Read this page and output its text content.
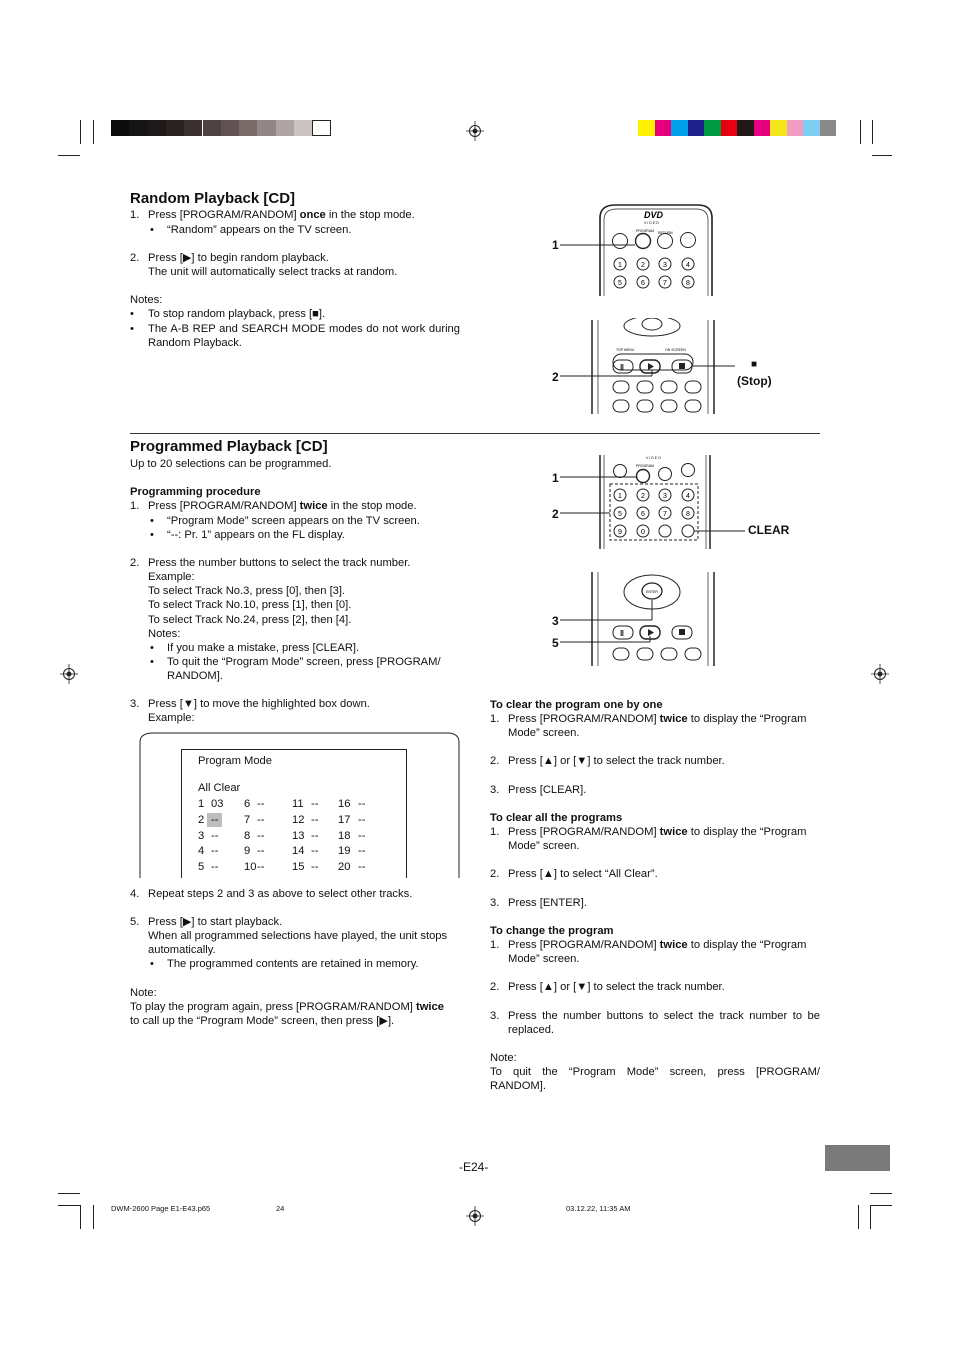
Random Playback [CD]
1. Press [PROGRAM/RANDOM] once in the stop mode.
• “Random” appears on the TV screen.
2. Press [▶] to begin random playback.
The unit will automatically select tracks at random.
Notes:
• To stop random playback, press [■].
• The A-B REP and SEARCH MODE modes do not work during Random Playback.
1
DVD
V I D E O
PROGRAM RETURN
1	2	3	4
5	6	7	8
2
■
(Stop)
‖
TOP MENU	ON SCREEN
Programmed Playback [CD]
Up to 20 selections can be programmed.
Programming procedure
1. Press [PROGRAM/RANDOM] twice in the stop mode.
• “Program Mode” screen appears on the TV screen.
• “--: Pr. 1” appears on the FL display.
2. Press the number buttons to select the track number.
Example:
To select Track No.3, press [0], then [3].
To select Track No.10, press [1], then [0].
To select Track No.24, press [2], then [4].
Notes:
• If you make a mistake, press [CLEAR].
• To quit the “Program Mode” screen, press [PROGRAM/
RANDOM].
3. Press [▼] to move the highlighted box down.
Example:
Program Mode
All Clear
1 03 6 -- 11 -- 16 --
2 --	7 -- 12 -- 17 --
3 -- 8 -- 13 -- 18 --
4 -- 9 -- 14 -- 19 --
5 -- 10 -- 15 -- 20 --
4. Repeat steps 2 and 3 as above to select other tracks.
5. Press [▶] to start playback.
When all programmed selections have played, the unit stops
automatically.
• The programmed contents are retained in memory.
Note:
To play the program again, press [PROGRAM/RANDOM] twice
to call up the “Program Mode” screen, then press [▶].
1
2
CLEAR
V I D E O
PROGRAM
1	2	3	4
5	6	7	8
9	0
3
5
ENTER
‖
To clear the program one by one
1. Press [PROGRAM/RANDOM] twice to display the “Program
Mode” screen.
2. Press [▲] or [▼] to select the track number.
3. Press [CLEAR].
To clear all the programs
1. Press [PROGRAM/RANDOM] twice to display the “Program
Mode” screen.
2. Press [▲] to select “All Clear”.
3. Press [ENTER].
To change the program
1. Press [PROGRAM/RANDOM] twice to display the “Program
Mode” screen.
2. Press [▲] or [▼] to select the track number.
3. Press the number buttons to select the track number to be replaced.
Note:
To quit the “Program Mode” screen, press [PROGRAM/ RANDOM].
-E24-
DWM-2600 Page E1-E43.p65	24	03.12.22, 11:35 AM
